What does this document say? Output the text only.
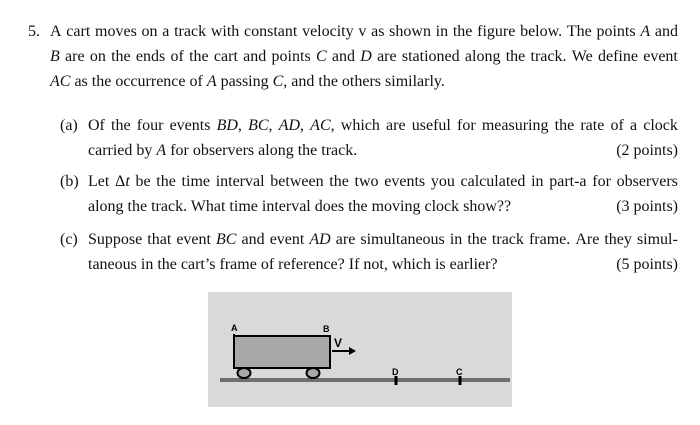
5. A cart moves on a track with constant velocity v as shown in the figure below. The points A and
B are on the ends of the cart and points C and D are stationed along the track. We define event
AC as the occurrence of A passing C, and the others similarly.
(a) Of the four events BD, BC, AD, AC, which are useful for measuring the rate of a clock
carried by A for observers along the track.	(2 points)
(b) Let Δt be the time interval between the two events you calculated in part-a for observers
along the track. What time interval does the moving clock show??	(3 points)
(c) Suppose that event BC and event AD are simultaneous in the track frame. Are they simul-
taneous in the cart’s frame of reference? If not, which is earlier?	(5 points)
A	B
V
D	C
